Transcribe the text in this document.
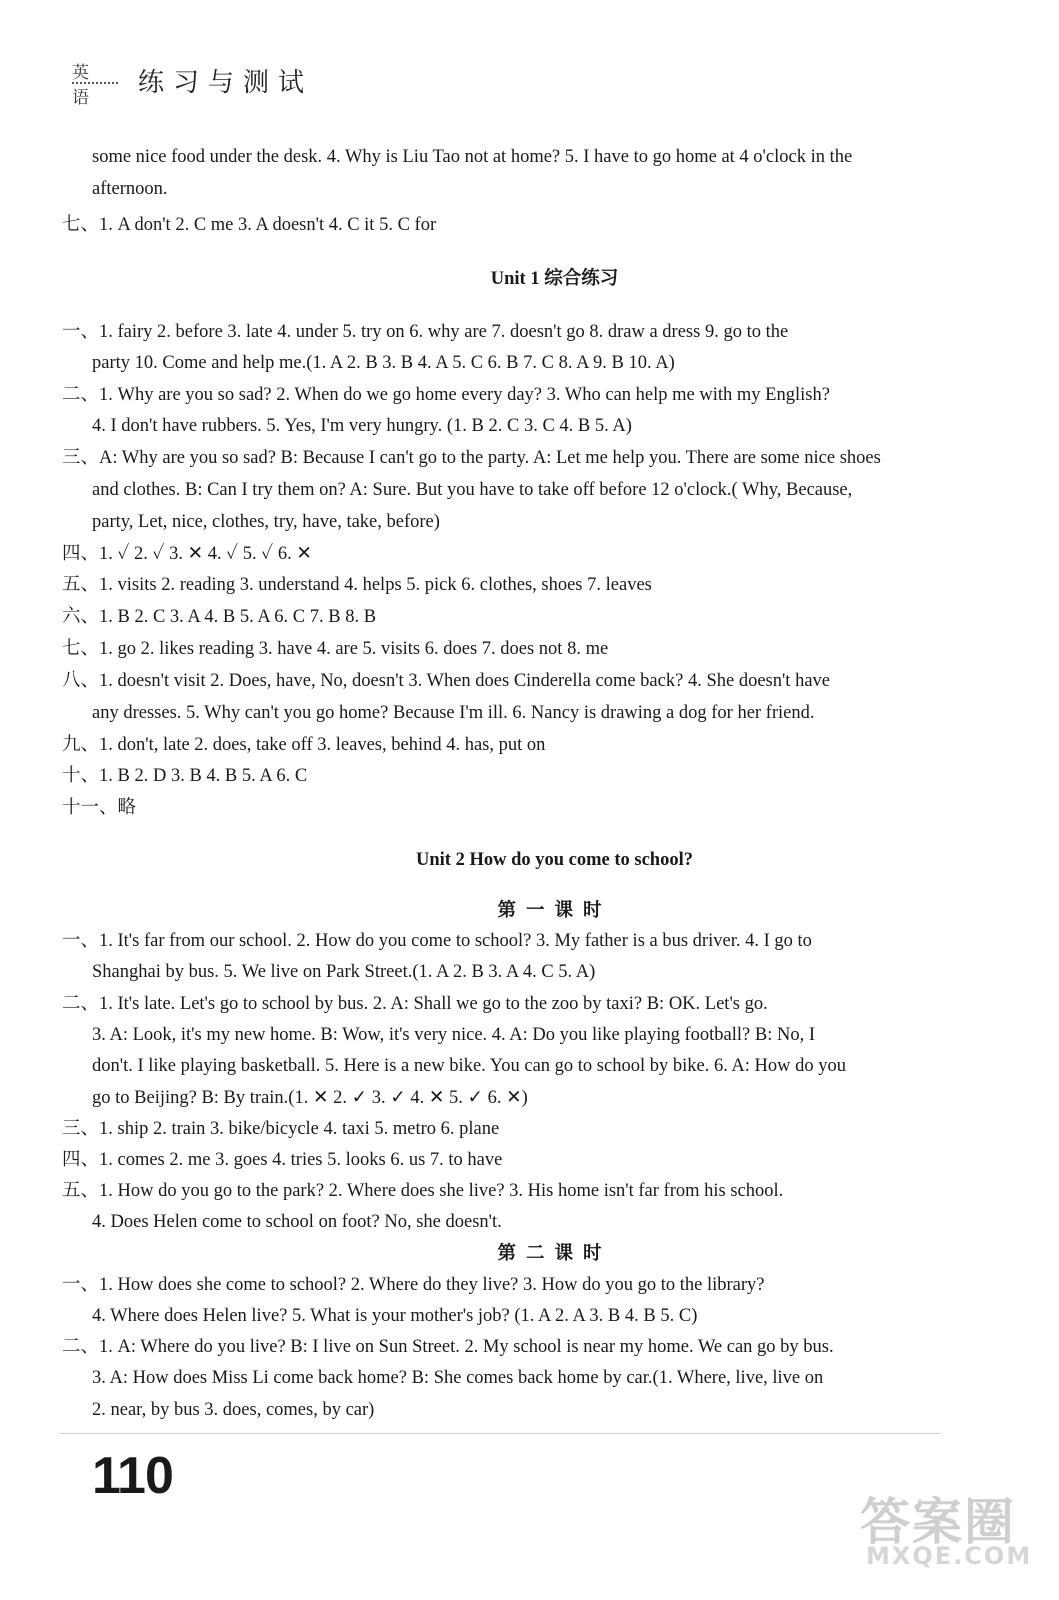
英语 练习与测试
some nice food under the desk. 4. Why is Liu Tao not at home? 5. I have to go home at 4 o'clock in the
afternoon.
七、1. A don't 2. C me 3. A doesn't 4. C it 5. C for
Unit 1 综合练习
一、1. fairy 2. before 3. late 4. under 5. try on 6. why are 7. doesn't go 8. draw a dress 9. go to the
party 10. Come and help me.(1. A 2. B 3. B 4. A 5. C 6. B 7. C 8. A 9. B 10. A)
二、1. Why are you so sad? 2. When do we go home every day? 3. Who can help me with my English?
4. I don't have rubbers. 5. Yes, I'm very hungry. (1. B 2. C 3. C 4. B 5. A)
三、A: Why are you so sad? B: Because I can't go to the party. A: Let me help you. There are some nice shoes
and clothes. B: Can I try them on? A: Sure. But you have to take off before 12 o'clock.( Why, Because,
party, Let, nice, clothes, try, have, take, before)
四、1. ✓ 2. ✓ 3. ✕ 4. ✓ 5. ✓ 6. ✕
五、1. visits 2. reading 3. understand 4. helps 5. pick 6. clothes, shoes 7. leaves
六、1. B 2. C 3. A 4. B 5. A 6. C 7. B 8. B
七、1. go 2. likes reading 3. have 4. are 5. visits 6. does 7. does not 8. me
八、1. doesn't visit 2. Does, have, No, doesn't 3. When does Cinderella come back? 4. She doesn't have
any dresses. 5. Why can't you go home? Because I'm ill. 6. Nancy is drawing a dog for her friend.
九、1. don't, late 2. does, take off 3. leaves, behind 4. has, put on
十、1. B 2. D 3. B 4. B 5. A 6. C
十一、略
Unit 2 How do you come to school?
第一课时
一、1. It's far from our school. 2. How do you come to school? 3. My father is a bus driver. 4. I go to
Shanghai by bus. 5. We live on Park Street.(1. A 2. B 3. A 4. C 5. A)
二、1. It's late. Let's go to school by bus. 2. A: Shall we go to the zoo by taxi? B: OK. Let's go.
3. A: Look, it's my new home. B: Wow, it's very nice. 4. A: Do you like playing football? B: No, I
don't. I like playing basketball. 5. Here is a new bike. You can go to school by bike. 6. A: How do you
go to Beijing? B: By train.(1. ✕ 2. ✓ 3. ✓ 4. ✕ 5. ✓ 6. ✕)
三、1. ship 2. train 3. bike/bicycle 4. taxi 5. metro 6. plane
四、1. comes 2. me 3. goes 4. tries 5. looks 6. us 7. to have
五、1. How do you go to the park? 2. Where does she live? 3. His home isn't far from his school.
4. Does Helen come to school on foot? No, she doesn't.
第二课时
一、1. How does she come to school? 2. Where do they live? 3. How do you go to the library?
4. Where does Helen live? 5. What is your mother's job? (1. A 2. A 3. B 4. B 5. C)
二、1. A: Where do you live? B: I live on Sun Street. 2. My school is near my home. We can go by bus.
3. A: How does Miss Li come back home? B: She comes back home by car.(1. Where, live, live on
2. near, by bus 3. does, comes, by car)
110
答案圈
MXQE.COM
